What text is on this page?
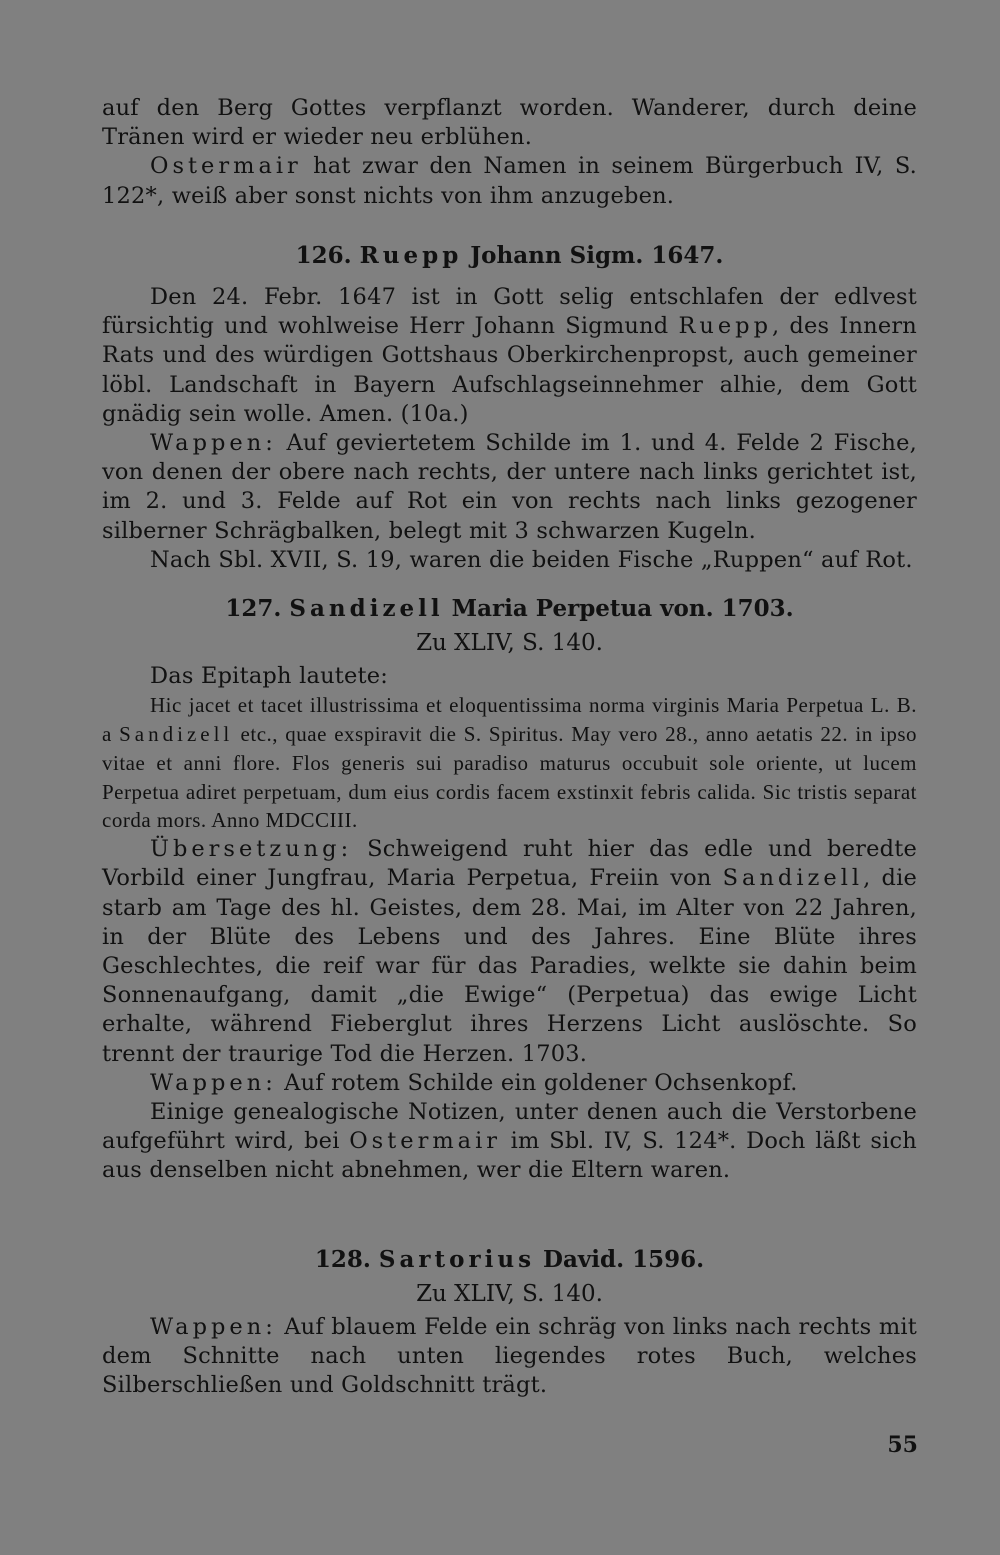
auf den Berg Gottes verpflanzt worden. Wanderer, durch deine Tränen wird er wieder neu erblühen.

Ostermair hat zwar den Namen in seinem Bürgerbuch IV, S. 122*, weiß aber sonst nichts von ihm anzugeben.

126. Ruepp Johann Sigm. 1647.

Den 24. Febr. 1647 ist in Gott selig entschlafen der edlvest fürsichtig und wohlweise Herr Johann Sigmund Ruepp, des Innern Rats und des würdigen Gottshaus Oberkirchenpropst, auch gemeiner löbl. Landschaft in Bayern Aufschlagseinnehmer alhie, dem Gott gnädig sein wolle. Amen. (10a.)

Wappen: Auf geviertetem Schilde im 1. und 4. Felde 2 Fische, von denen der obere nach rechts, der untere nach links gerichtet ist, im 2. und 3. Felde auf Rot ein von rechts nach links gezogener silberner Schrägbalken, belegt mit 3 schwarzen Kugeln.

Nach Sbl. XVII, S. 19, waren die beiden Fische „Ruppen“ auf Rot.

127. Sandizell Maria Perpetua von. 1703.

Zu XLIV, S. 140.

Das Epitaph lautete:

Hic jacet et tacet illustrissima et eloquentissima norma virginis Maria Perpetua L. B. a Sandizell etc., quae exspiravit die S. Spiritus. May vero 28., anno aetatis 22. in ipso vitae et anni flore. Flos generis sui paradiso maturus occubuit sole oriente, ut lucem Perpetua adiret perpetuam, dum eius cordis facem exstinxit febris calida. Sic tristis separat corda mors. Anno MDCCIII.

Übersetzung: Schweigend ruht hier das edle und beredte Vorbild einer Jungfrau, Maria Perpetua, Freiin von Sandizell, die starb am Tage des hl. Geistes, dem 28. Mai, im Alter von 22 Jahren, in der Blüte des Lebens und des Jahres. Eine Blüte ihres Geschlechtes, die reif war für das Paradies, welkte sie dahin beim Sonnenaufgang, damit „die Ewige“ (Perpetua) das ewige Licht erhalte, während Fieberglut ihres Herzens Licht auslöschte. So trennt der traurige Tod die Herzen. 1703.

Wappen: Auf rotem Schilde ein goldener Ochsenkopf.

Einige genealogische Notizen, unter denen auch die Verstorbene aufgeführt wird, bei Ostermair im Sbl. IV, S. 124*. Doch läßt sich aus denselben nicht abnehmen, wer die Eltern waren.

128. Sartorius David. 1596.

Zu XLIV, S. 140.

Wappen: Auf blauem Felde ein schräg von links nach rechts mit dem Schnitte nach unten liegendes rotes Buch, welches Silberschließen und Goldschnitt trägt.

55
